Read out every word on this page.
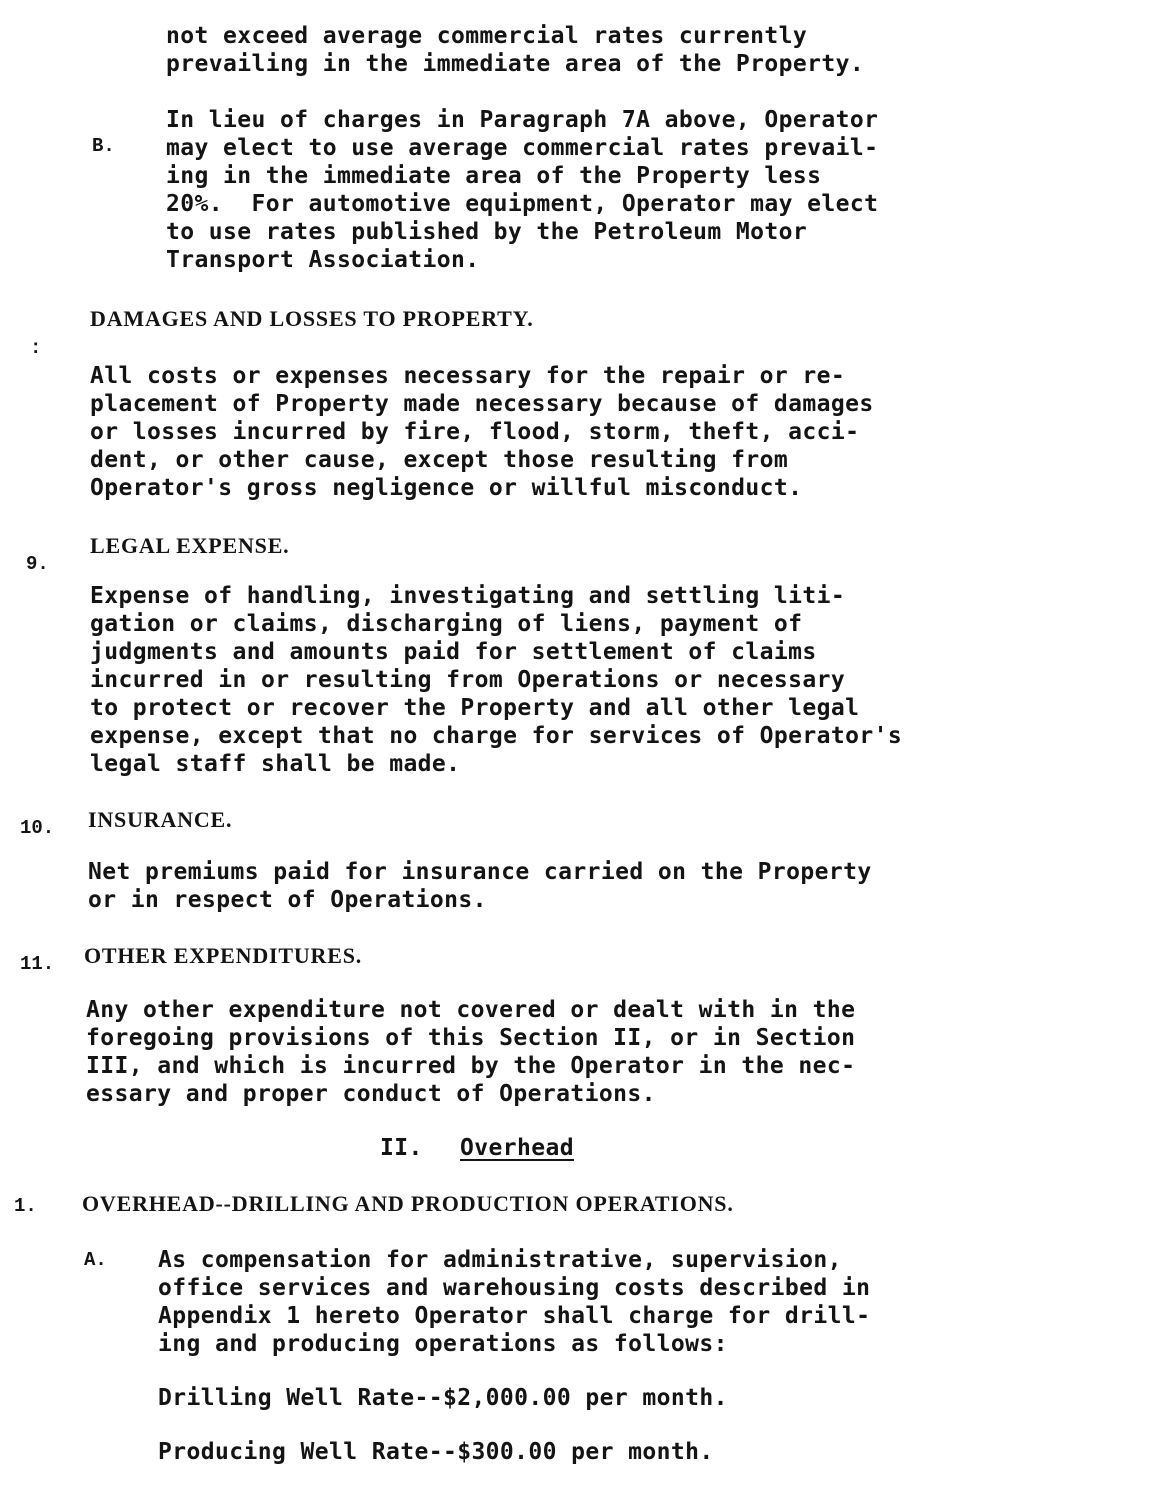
not exceed average commercial rates currently
prevailing in the immediate area of the Property.
B.
In lieu of charges in Paragraph 7A above, Operator
may elect to use average commercial rates prevail-
ing in the immediate area of the Property less
20%.  For automotive equipment, Operator may elect
to use rates published by the Petroleum Motor
Transport Association.
:
DAMAGES AND LOSSES TO PROPERTY.
All costs or expenses necessary for the repair or re-
placement of Property made necessary because of damages
or losses incurred by fire, flood, storm, theft, acci-
dent, or other cause, except those resulting from
Operator's gross negligence or willful misconduct.
9.
LEGAL EXPENSE.
Expense of handling, investigating and settling liti-
gation or claims, discharging of liens, payment of
judgments and amounts paid for settlement of claims
incurred in or resulting from Operations or necessary
to protect or recover the Property and all other legal
expense, except that no charge for services of Operator's
legal staff shall be made.
10. INSURANCE.
Net premiums paid for insurance carried on the Property
or in respect of Operations.
11. OTHER EXPENDITURES.
Any other expenditure not covered or dealt with in the
foregoing provisions of this Section II, or in Section
III, and which is incurred by the Operator in the nec-
essary and proper conduct of Operations.
II. Overhead
1. OVERHEAD--DRILLING AND PRODUCTION OPERATIONS.
A. As compensation for administrative, supervision,
office services and warehousing costs described in
Appendix 1 hereto Operator shall charge for drill-
ing and producing operations as follows:
Drilling Well Rate--$2,000.00 per month.
Producing Well Rate--$300.00 per month.
